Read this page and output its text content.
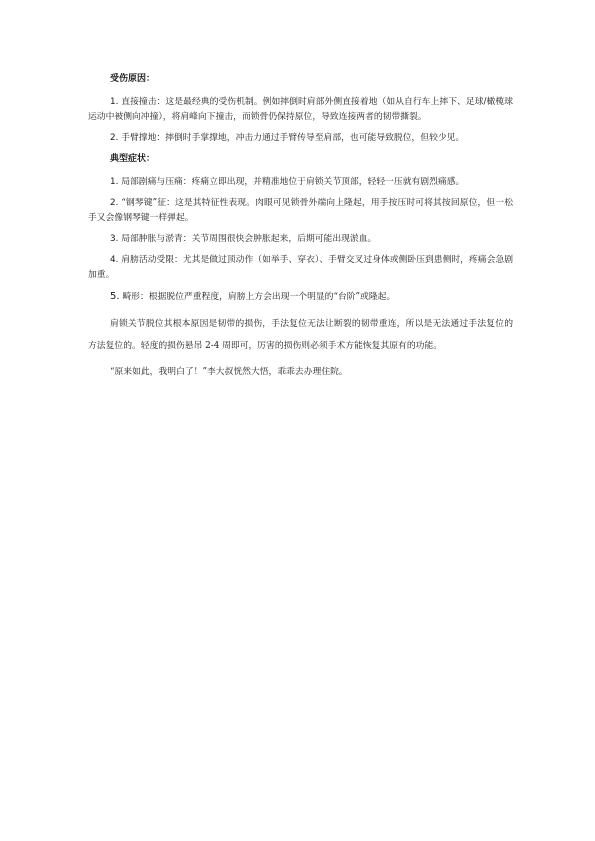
受伤原因：

1. 直接撞击：这是最经典的受伤机制。例如摔倒时肩部外侧直接着地（如从自行车上摔下、足球/橄榄球运动中被侧向冲撞），将肩峰向下撞击，而锁骨仍保持原位，导致连接两者的韧带撕裂。

2. 手臂撑地：摔倒时手掌撑地，冲击力通过手臂传导至肩部，也可能导致脱位，但较少见。

典型症状：

1. 局部剧痛与压痛：疼痛立即出现，并精准地位于肩锁关节顶部，轻轻一压就有剧烈痛感。

2. “钢琴键”征：这是其特征性表现。肉眼可见锁骨外端向上隆起，用手按压时可将其按回原位，但一松手又会像钢琴键一样弹起。

3. 局部肿胀与淤青：关节周围很快会肿胀起来，后期可能出现淤血。

4. 肩膀活动受限：尤其是做过顶动作（如举手、穿衣）、手臂交叉过身体或侧卧压到患侧时，疼痛会急剧加重。

5. 畸形：根据脱位严重程度，肩膀上方会出现一个明显的“台阶”或隆起。

肩锁关节脱位其根本原因是韧带的损伤，手法复位无法让断裂的韧带重连，所以是无法通过手法复位的方法复位的。轻度的损伤悬吊 2-4 周即可，厉害的损伤则必须手术方能恢复其原有的功能。

“原来如此，我明白了！”李大叔恍然大悟，乖乖去办理住院。
